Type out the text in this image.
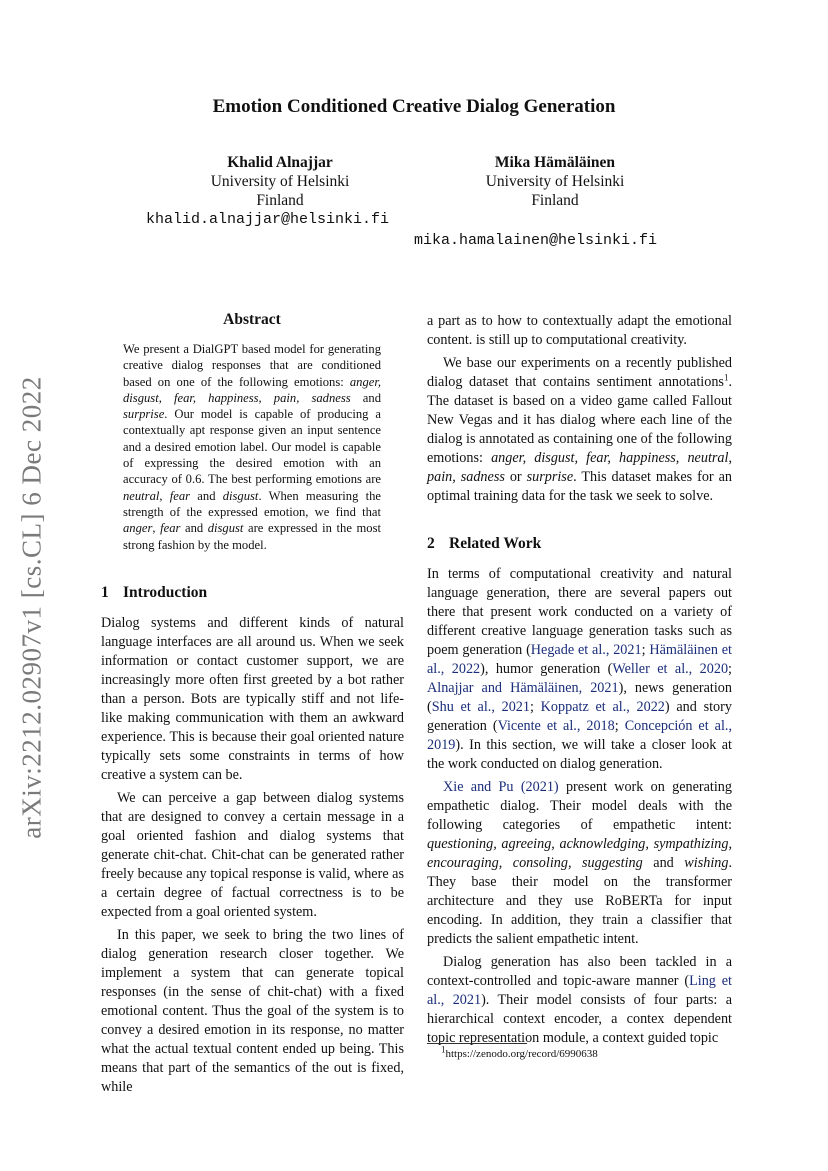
arXiv:2212.02907v1 [cs.CL] 6 Dec 2022
Emotion Conditioned Creative Dialog Generation
Khalid Alnajjar
University of Helsinki
Finland
khalid.alnajjar@helsinki.fi
Mika Hämäläinen
University of Helsinki
Finland
mika.hamalainen@helsinki.fi
Abstract
We present a DialGPT based model for generating creative dialog responses that are conditioned based on one of the following emotions: anger, disgust, fear, happiness, pain, sadness and surprise. Our model is capable of producing a contextually apt response given an input sentence and a desired emotion label. Our model is capable of expressing the desired emotion with an accuracy of 0.6. The best performing emotions are neutral, fear and disgust. When measuring the strength of the expressed emotion, we find that anger, fear and disgust are expressed in the most strong fashion by the model.
1 Introduction

Dialog systems and different kinds of natural language interfaces are all around us. When we seek information or contact customer support, we are increasingly more often first greeted by a bot rather than a person. Bots are typically stiff and not life-like making communication with them an awkward experience. This is because their goal oriented nature typically sets some constraints in terms of how creative a system can be.

We can perceive a gap between dialog systems that are designed to convey a certain message in a goal oriented fashion and dialog systems that generate chit-chat. Chit-chat can be generated rather freely because any topical response is valid, where as a certain degree of factual correctness is to be expected from a goal oriented system.

In this paper, we seek to bring the two lines of dialog generation research closer together. We implement a system that can generate topical responses (in the sense of chit-chat) with a fixed emotional content. Thus the goal of the system is to convey a desired emotion in its response, no matter what the actual textual content ended up being. This means that part of the semantics of the out is fixed, while

a part as to how to contextually adapt the emotional content. is still up to computational creativity.

We base our experiments on a recently published dialog dataset that contains sentiment annotations$^1$. The dataset is based on a video game called Fallout New Vegas and it has dialog where each line of the dialog is annotated as containing one of the following emotions: anger, disgust, fear, happiness, neutral, pain, sadness or surprise. This dataset makes for an optimal training data for the task we seek to solve.

2 Related Work

In terms of computational creativity and natural language generation, there are several papers out there that present work conducted on a variety of different creative language generation tasks such as poem generation (Hegade et al., 2021; Hämäläinen et al., 2022), humor generation (Weller et al., 2020; Alnajjar and Hämäläinen, 2021), news generation (Shu et al., 2021; Koppatz et al., 2022) and story generation (Vicente et al., 2018; Concepción et al., 2019). In this section, we will take a closer look at the work conducted on dialog generation.

Xie and Pu (2021) present work on generating empathetic dialog. Their model deals with the following categories of empathetic intent: questioning, agreeing, acknowledging, sympathizing, encouraging, consoling, suggesting and wishing. They base their model on the transformer architecture and they use RoBERTa for input encoding. In addition, they train a classifier that predicts the salient empathetic intent.

Dialog generation has also been tackled in a context-controlled and topic-aware manner (Ling et al., 2021). Their model consists of four parts: a hierarchical context encoder, a contex dependent topic representation module, a context guided topic

$^1$https://zenodo.org/record/6990638
